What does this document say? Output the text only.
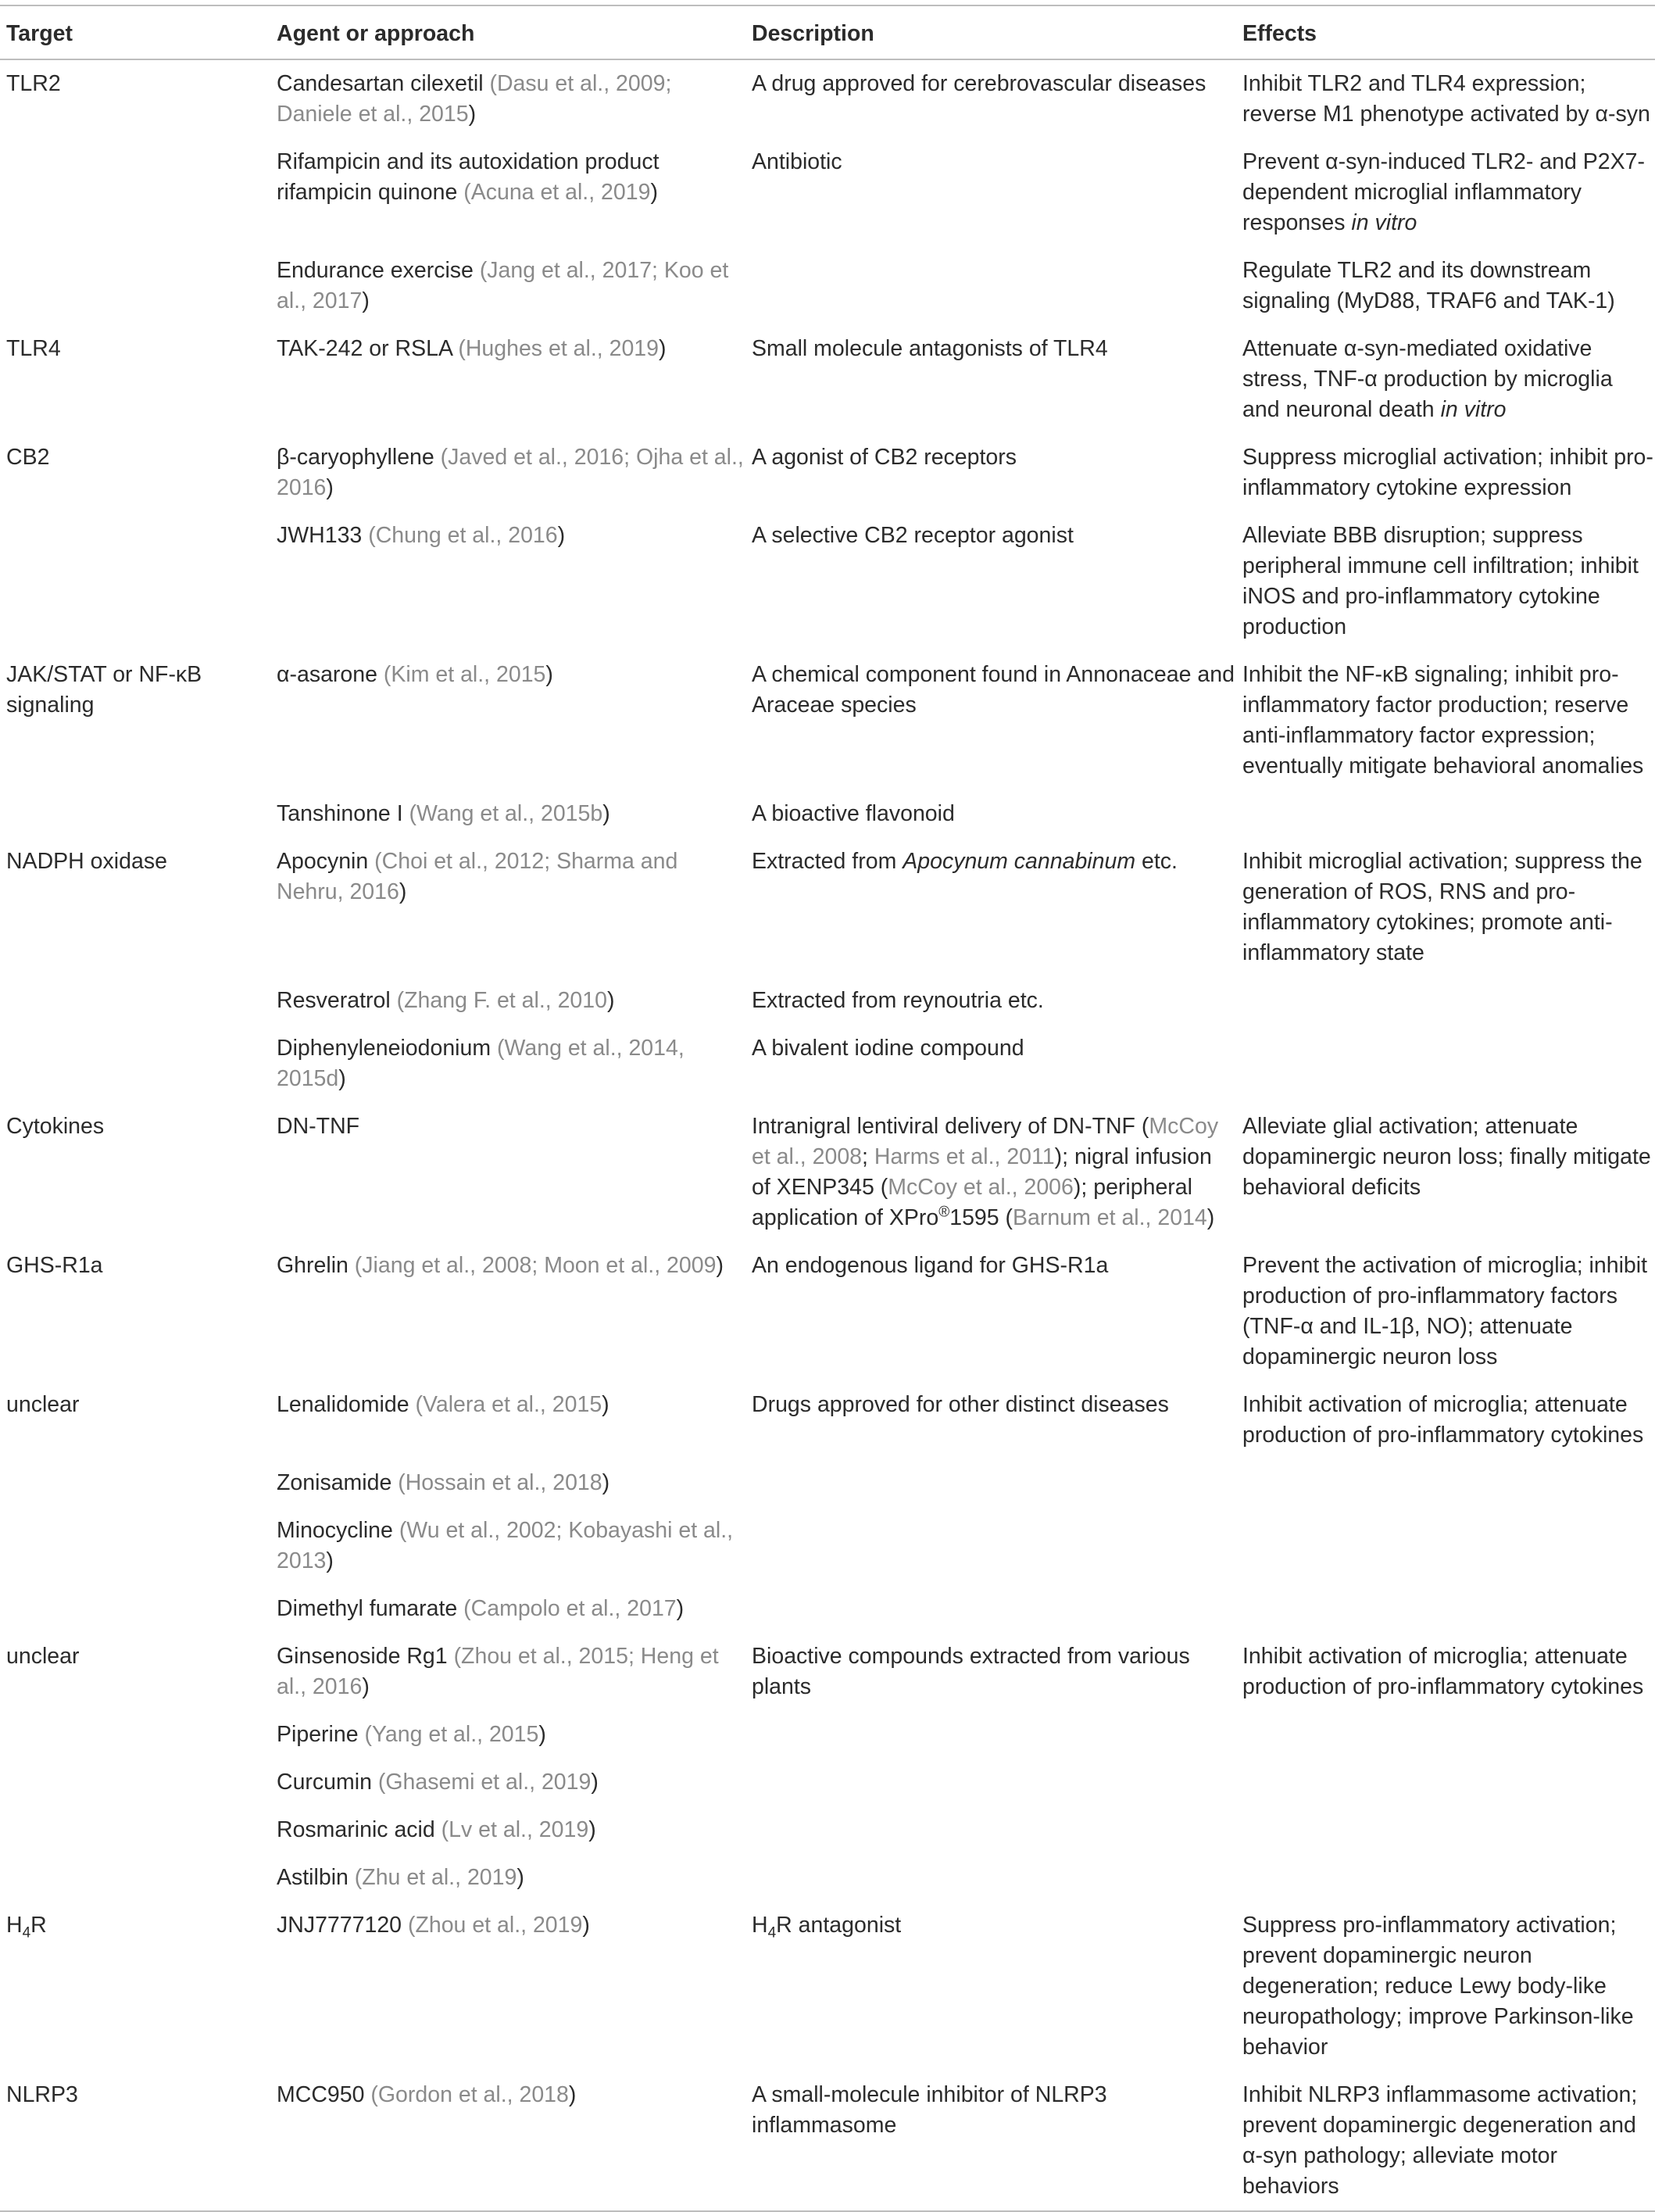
Target	Agent or approach	Description	Effects
TLR2	Candesartan cilexetil (Dasu et al., 2009; Daniele et al., 2015)	A drug approved for cerebrovascular diseases	Inhibit TLR2 and TLR4 expression; reverse M1 phenotype activated by α-syn
	Rifampicin and its autoxidation product rifampicin quinone (Acuna et al., 2019)	Antibiotic	Prevent α-syn-induced TLR2- and P2X7-dependent microglial inflammatory responses in vitro
	Endurance exercise (Jang et al., 2017; Koo et al., 2017)		Regulate TLR2 and its downstream signaling (MyD88, TRAF6 and TAK-1)
TLR4	TAK-242 or RSLA (Hughes et al., 2019)	Small molecule antagonists of TLR4	Attenuate α-syn-mediated oxidative stress, TNF-α production by microglia and neuronal death in vitro
CB2	β-caryophyllene (Javed et al., 2016; Ojha et al., 2016)	A agonist of CB2 receptors	Suppress microglial activation; inhibit pro-inflammatory cytokine expression
	JWH133 (Chung et al., 2016)	A selective CB2 receptor agonist	Alleviate BBB disruption; suppress peripheral immune cell infiltration; inhibit iNOS and pro-inflammatory cytokine production
JAK/STAT or NF-κB signaling	α-asarone (Kim et al., 2015)	A chemical component found in Annonaceae and Araceae species	Inhibit the NF-κB signaling; inhibit pro-inflammatory factor production; reserve anti-inflammatory factor expression; eventually mitigate behavioral anomalies
	Tanshinone I (Wang et al., 2015b)	A bioactive flavonoid	
NADPH oxidase	Apocynin (Choi et al., 2012; Sharma and Nehru, 2016)	Extracted from Apocynum cannabinum etc.	Inhibit microglial activation; suppress the generation of ROS, RNS and pro-inflammatory cytokines; promote anti-inflammatory state
	Resveratrol (Zhang F. et al., 2010)	Extracted from reynoutria etc.	
	Diphenyleneiodonium (Wang et al., 2014, 2015d)	A bivalent iodine compound	
Cytokines	DN-TNF	Intranigral lentiviral delivery of DN-TNF (McCoy et al., 2008; Harms et al., 2011); nigral infusion of XENP345 (McCoy et al., 2006); peripheral application of XPro®1595 (Barnum et al., 2014)	Alleviate glial activation; attenuate dopaminergic neuron loss; finally mitigate behavioral deficits
GHS-R1a	Ghrelin (Jiang et al., 2008; Moon et al., 2009)	An endogenous ligand for GHS-R1a	Prevent the activation of microglia; inhibit production of pro-inflammatory factors (TNF-α and IL-1β, NO); attenuate dopaminergic neuron loss
unclear	Lenalidomide (Valera et al., 2015)	Drugs approved for other distinct diseases	Inhibit activation of microglia; attenuate production of pro-inflammatory cytokines
	Zonisamide (Hossain et al., 2018)		
	Minocycline (Wu et al., 2002; Kobayashi et al., 2013)		
	Dimethyl fumarate (Campolo et al., 2017)		
unclear	Ginsenoside Rg1 (Zhou et al., 2015; Heng et al., 2016)	Bioactive compounds extracted from various plants	Inhibit activation of microglia; attenuate production of pro-inflammatory cytokines
	Piperine (Yang et al., 2015)		
	Curcumin (Ghasemi et al., 2019)		
	Rosmarinic acid (Lv et al., 2019)		
	Astilbin (Zhu et al., 2019)		
$H_4R$	JNJ7777120 (Zhou et al., 2019)	$H_4R$ antagonist	Suppress pro-inflammatory activation; prevent dopaminergic neuron degeneration; reduce Lewy body-like neuropathology; improve Parkinson-like behavior
NLRP3	MCC950 (Gordon et al., 2018)	A small-molecule inhibitor of NLRP3 inflammasome	Inhibit NLRP3 inflammasome activation; prevent dopaminergic degeneration and α-syn pathology; alleviate motor behaviors
